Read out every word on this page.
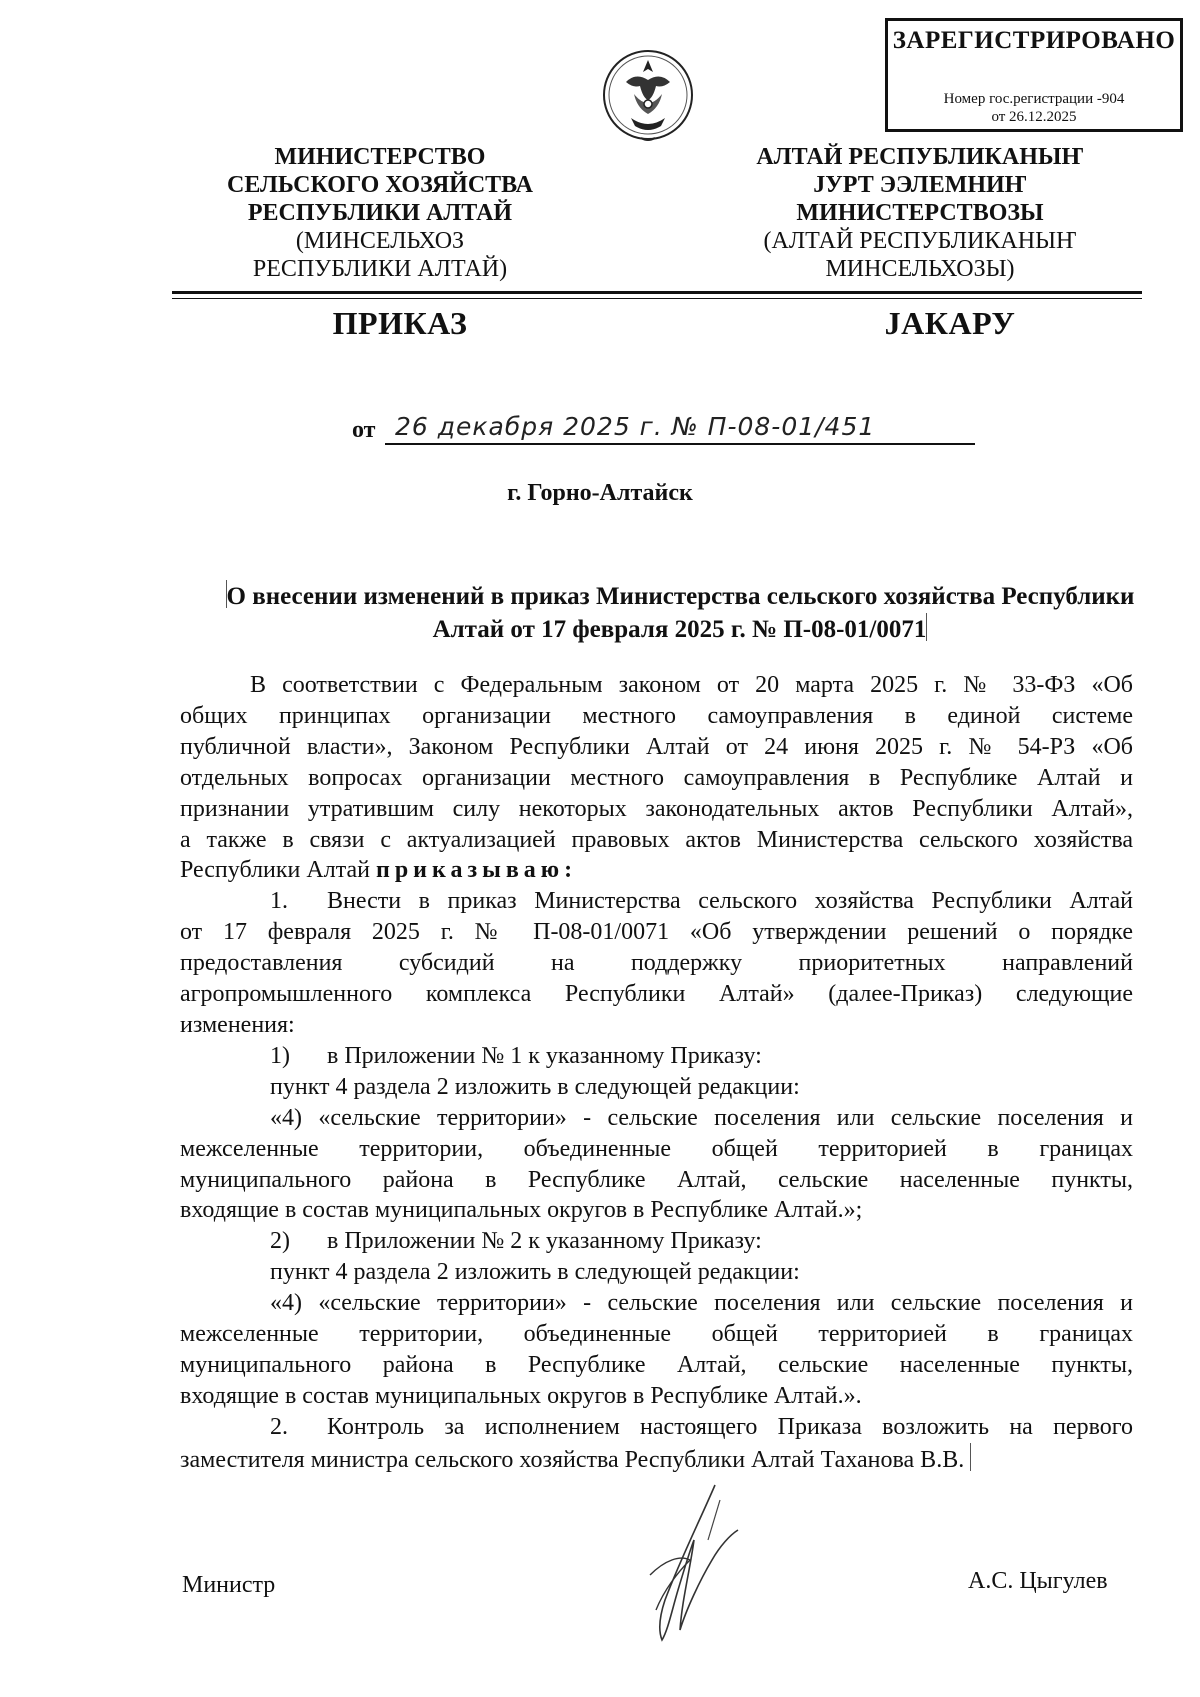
ЗАРЕГИСТРИРОВАНО
Номер гос.регистрации -904
от 26.12.2025
МИНИСТЕРСТВО
СЕЛЬСКОГО ХОЗЯЙСТВА
РЕСПУБЛИКИ АЛТАЙ
(МИНСЕЛЬХОЗ
РЕСПУБЛИКИ АЛТАЙ)
АЛТАЙ РЕСПУБЛИКАНЫҤ
ЈУРТ ЭЭЛЕМНИҤ
МИНИСТЕРСТВОЗЫ
(АЛТАЙ РЕСПУБЛИКАНЫҤ
МИНСЕЛЬХОЗЫ)
ПРИКАЗ	ЈАКАРУ
от 26 декабря 2025 г. № П-08-01/451
г. Горно-Алтайск
О внесении изменений в приказ Министерства сельского хозяйства Республики
Алтай от 17 февраля 2025 г. № П-08-01/0071

В соответствии с Федеральным законом от 20 марта 2025 г. № 33-ФЗ «Об

общих принципах организации местного самоуправления в единой системе

публичной власти», Законом Республики Алтай от 24 июня 2025 г. № 54-РЗ «Об

отдельных вопросах организации местного самоуправления в Республике Алтай и

признании утратившим силу некоторых законодательных актов Республики Алтай»,

а также в связи с актуализацией правовых актов Министерства сельского хозяйства

Республики Алтай приказываю:

1. Внести в приказ Министерства сельского хозяйства Республики Алтай

от 17 февраля 2025 г. № П-08-01/0071 «Об утверждении решений о порядке

предоставления субсидий на поддержку приоритетных направлений

агропромышленного комплекса Республики Алтай» (далее-Приказ) следующие

изменения:

1) в Приложении № 1 к указанному Приказу:

пункт 4 раздела 2 изложить в следующей редакции:

«4) «сельские территории» - сельские поселения или сельские поселения и

межселенные территории, объединенные общей территорией в границах

муниципального района в Республике Алтай, сельские населенные пункты,

входящие в состав муниципальных округов в Республике Алтай.»;

2) в Приложении № 2 к указанному Приказу:

пункт 4 раздела 2 изложить в следующей редакции:

«4) «сельские территории» - сельские поселения или сельские поселения и

межселенные территории, объединенные общей территорией в границах

муниципального района в Республике Алтай, сельские населенные пункты,

входящие в состав муниципальных округов в Республике Алтай.».

2. Контроль за исполнением настоящего Приказа возложить на первого

заместителя министра сельского хозяйства Республики Алтай Таханова В.В.

Министр	А.С. Цыгулев
